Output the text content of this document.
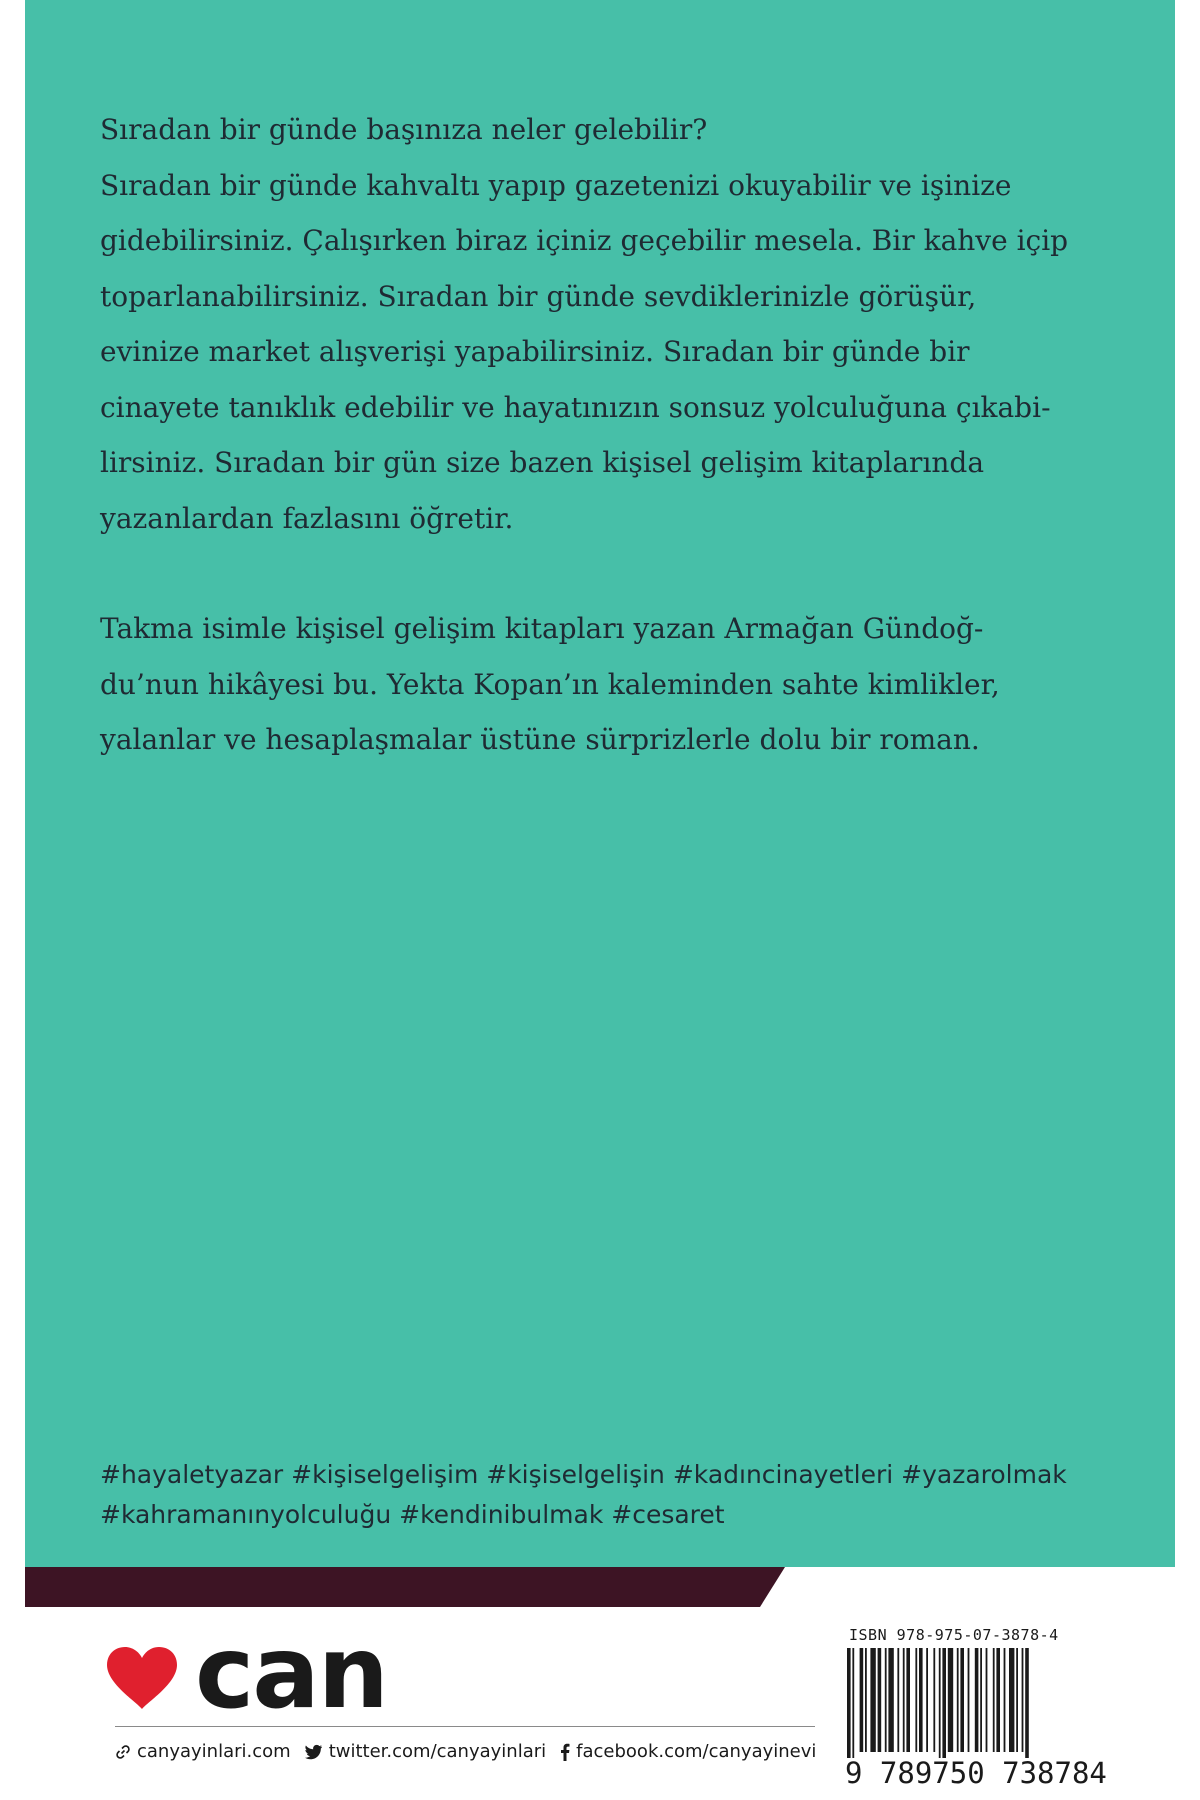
Sıradan bir günde başınıza neler gelebilir?
Sıradan bir günde kahvaltı yapıp gazetenizi okuyabilir ve işinize
gidebilirsiniz. Çalışırken biraz içiniz geçebilir mesela. Bir kahve içip
toparlanabilirsiniz. Sıradan bir günde sevdiklerinizle görüşür,
evinize market alışverişi yapabilirsiniz. Sıradan bir günde bir
cinayete tanıklık edebilir ve hayatınızın sonsuz yolculuğuna çıkabi-
lirsiniz. Sıradan bir gün size bazen kişisel gelişim kitaplarında
yazanlardan fazlasını öğretir.

Takma isimle kişisel gelişim kitapları yazan Armağan Gündoğ-
du’nun hikâyesi bu. Yekta Kopan’ın kaleminden sahte kimlikler,
yalanlar ve hesaplaşmalar üstüne sürprizlerle dolu bir roman.

#hayaletyazar #kişiselgelişim #kişiselgelişin #kadıncinayetleri #yazarolmak
#kahramanınyolculuğu #kendinibulmak #cesaret
can
canyayinlari.com twitter.com/canyayinlari facebook.com/canyayinevi
ISBN 978-975-07-3878-4
9 789750 738784
